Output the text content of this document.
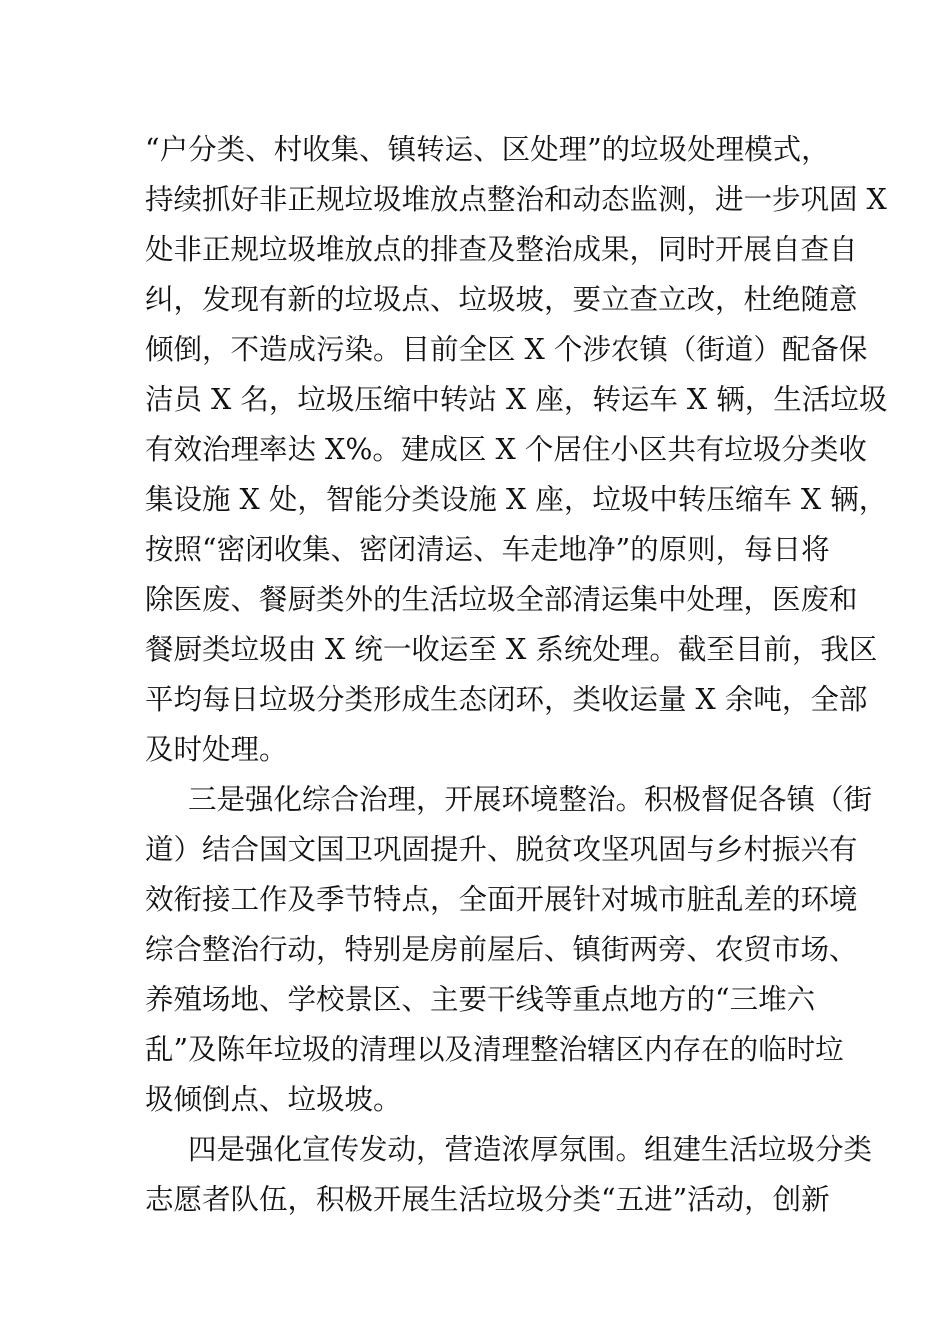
“户分类、村收集、镇转运、区处理”的垃圾处理模式，
持续抓好非正规垃圾堆放点整治和动态监测，进一步巩固 X
处非正规垃圾堆放点的排查及整治成果，同时开展自查自
纠，发现有新的垃圾点、垃圾坡，要立查立改，杜绝随意
倾倒，不造成污染。目前全区 X 个涉农镇（街道）配备保
洁员 X 名，垃圾压缩中转站 X 座，转运车 X 辆，生活垃圾
有效治理率达 X%。建成区 X 个居住小区共有垃圾分类收
集设施 X 处，智能分类设施 X 座，垃圾中转压缩车 X 辆，
按照“密闭收集、密闭清运、车走地净”的原则，每日将
除医废、餐厨类外的生活垃圾全部清运集中处理，医废和
餐厨类垃圾由 X 统一收运至 X 系统处理。截至目前，我区
平均每日垃圾分类形成生态闭环，类收运量 X 余吨，全部
及时处理。
三是强化综合治理，开展环境整治。积极督促各镇（街
道）结合国文国卫巩固提升、脱贫攻坚巩固与乡村振兴有
效衔接工作及季节特点，全面开展针对城市脏乱差的环境
综合整治行动，特别是房前屋后、镇街两旁、农贸市场、
养殖场地、学校景区、主要干线等重点地方的“三堆六
乱”及陈年垃圾的清理以及清理整治辖区内存在的临时垃
圾倾倒点、垃圾坡。
四是强化宣传发动，营造浓厚氛围。组建生活垃圾分类
志愿者队伍，积极开展生活垃圾分类“五进”活动，创新
